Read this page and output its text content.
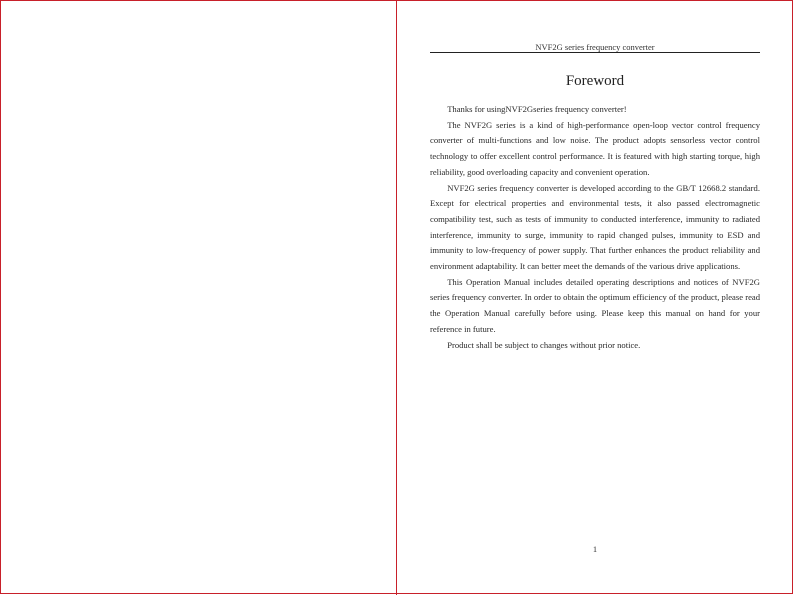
NVF2G series frequency converter
Foreword

Thanks for usingNVF2Gseries frequency converter!

The NVF2G series is a kind of high-performance open-loop vector control frequency converter of multi-functions and low noise. The product adopts sensorless vector control technology to offer excellent control performance. It is featured with high starting torque, high reliability, good overloading capacity and convenient operation.

NVF2G series frequency converter is developed according to the GB/T 12668.2 standard. Except for electrical properties and environmental tests, it also passed electromagnetic compatibility test, such as tests of immunity to conducted interference, immunity to radiated interference, immunity to surge, immunity to rapid changed pulses, immunity to ESD and immunity to low-frequency of power supply. That further enhances the product reliability and environment adaptability. It can better meet the demands of the various drive applications.

This Operation Manual includes detailed operating descriptions and notices of NVF2G series frequency converter. In order to obtain the optimum efficiency of the product, please read the Operation Manual carefully before using. Please keep this manual on hand for your reference in future.

Product shall be subject to changes without prior notice.

1
